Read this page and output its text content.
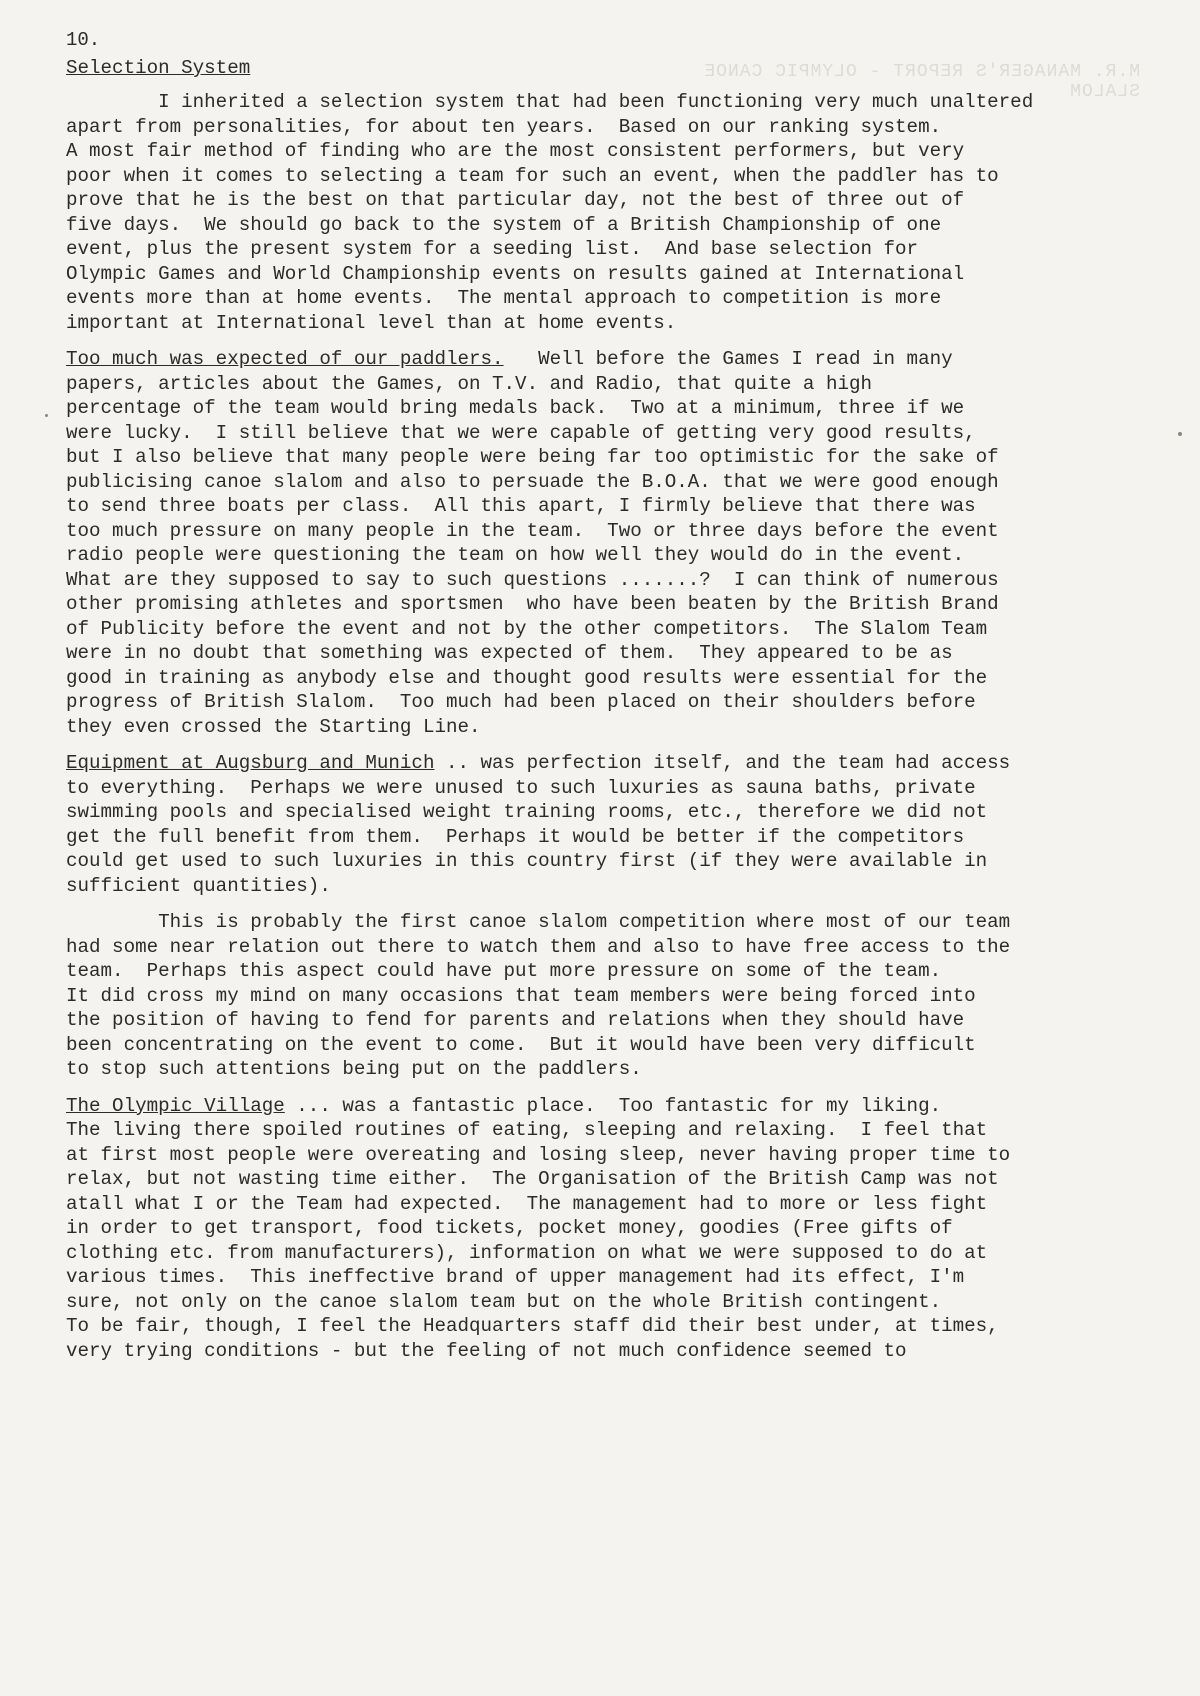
M.R. MANAGER'S REPORT - OLYMPIC CANOE SLALOM
10.
Selection System
I inherited a selection system that had been functioning very much unaltered
apart from personalities, for about ten years.  Based on our ranking system.
A most fair method of finding who are the most consistent performers, but very
poor when it comes to selecting a team for such an event, when the paddler has to
prove that he is the best on that particular day, not the best of three out of
five days.  We should go back to the system of a British Championship of one
event, plus the present system for a seeding list.  And base selection for
Olympic Games and World Championship events on results gained at International
events more than at home events.  The mental approach to competition is more
important at International level than at home events.
Too much was expected of our paddlers.   Well before the Games I read in many
papers, articles about the Games, on T.V. and Radio, that quite a high
percentage of the team would bring medals back.  Two at a minimum, three if we
were lucky.  I still believe that we were capable of getting very good results,
but I also believe that many people were being far too optimistic for the sake of
publicising canoe slalom and also to persuade the B.O.A. that we were good enough
to send three boats per class.  All this apart, I firmly believe that there was
too much pressure on many people in the team.  Two or three days before the event
radio people were questioning the team on how well they would do in the event.
What are they supposed to say to such questions .......?  I can think of numerous
other promising athletes and sportsmen  who have been beaten by the British Brand
of Publicity before the event and not by the other competitors.  The Slalom Team
were in no doubt that something was expected of them.  They appeared to be as
good in training as anybody else and thought good results were essential for the
progress of British Slalom.  Too much had been placed on their shoulders before
they even crossed the Starting Line.
Equipment at Augsburg and Munich .. was perfection itself, and the team had access
to everything.  Perhaps we were unused to such luxuries as sauna baths, private
swimming pools and specialised weight training rooms, etc., therefore we did not
get the full benefit from them.  Perhaps it would be better if the competitors
could get used to such luxuries in this country first (if they were available in
sufficient quantities).
This is probably the first canoe slalom competition where most of our team
had some near relation out there to watch them and also to have free access to the
team.  Perhaps this aspect could have put more pressure on some of the team.
It did cross my mind on many occasions that team members were being forced into
the position of having to fend for parents and relations when they should have
been concentrating on the event to come.  But it would have been very difficult
to stop such attentions being put on the paddlers.
The Olympic Village ... was a fantastic place.  Too fantastic for my liking.
The living there spoiled routines of eating, sleeping and relaxing.  I feel that
at first most people were overeating and losing sleep, never having proper time to
relax, but not wasting time either.  The Organisation of the British Camp was not
atall what I or the Team had expected.  The management had to more or less fight
in order to get transport, food tickets, pocket money, goodies (Free gifts of
clothing etc. from manufacturers), information on what we were supposed to do at
various times.  This ineffective brand of upper management had its effect, I'm
sure, not only on the canoe slalom team but on the whole British contingent.
To be fair, though, I feel the Headquarters staff did their best under, at times,
very trying conditions - but the feeling of not much confidence seemed to
